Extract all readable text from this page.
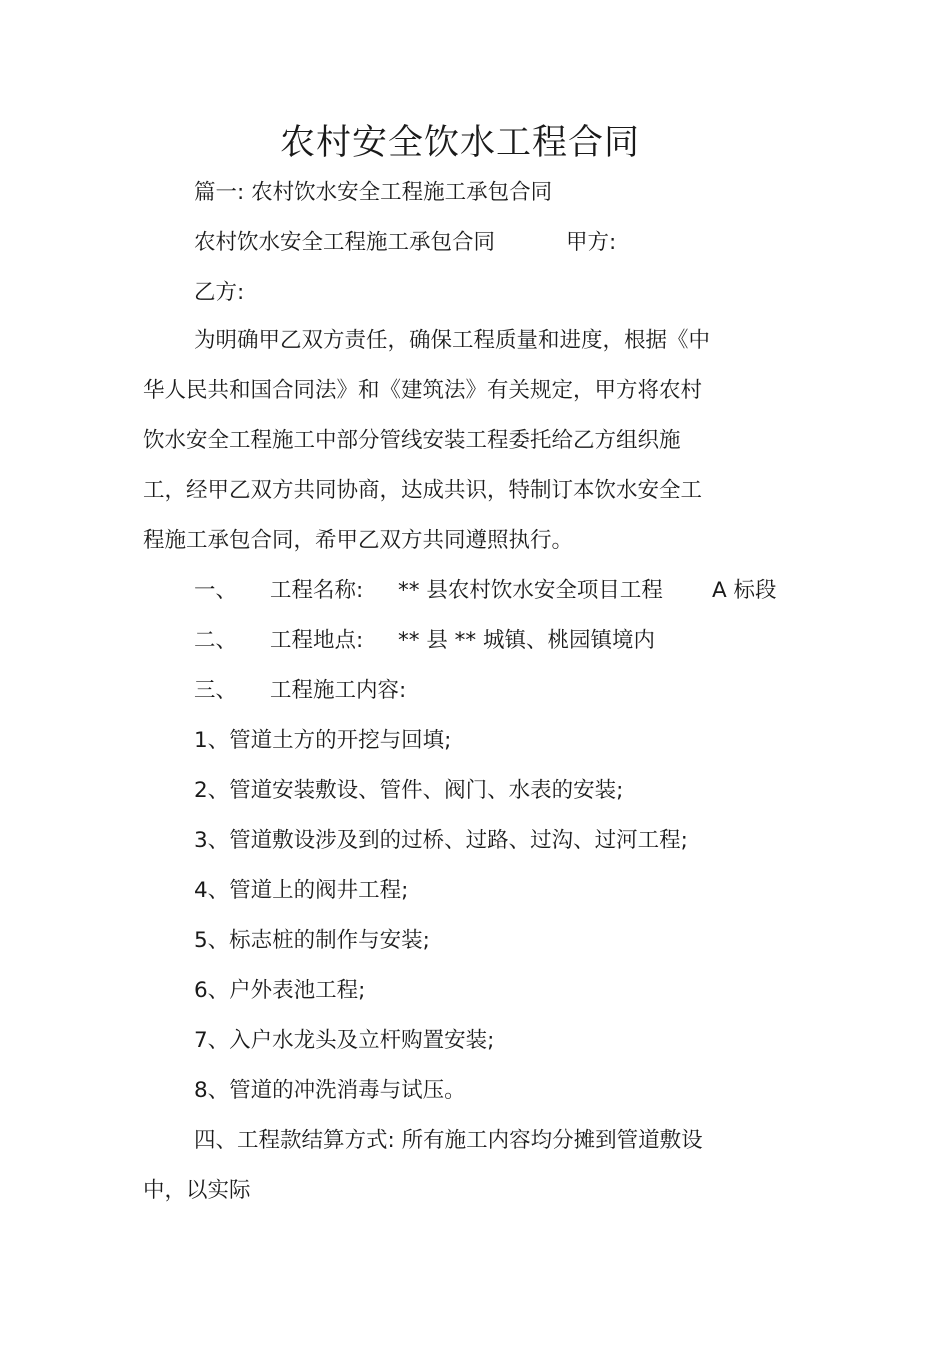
农村安全饮水工程合同
篇一: 农村饮水安全工程施工承包合同
农村饮水安全工程施工承包合同	甲方:
乙方:
为明确甲乙双方责任，确保工程质量和进度，根据《中
华人民共和国合同法》和《建筑法》有关规定，甲方将农村
饮水安全工程施工中部分管线安装工程委托给乙方组织施
工，经甲乙双方共同协商，达成共识，特制订本饮水安全工
程施工承包合同，希甲乙双方共同遵照执行。
一、 工程名称: ** 县农村饮水安全项目工程 A 标段
二、 工程地点: ** 县 ** 城镇、桃园镇境内
三、 工程施工内容:
1、管道土方的开挖与回填;
2、管道安装敷设、管件、阀门、水表的安装;
3、管道敷设涉及到的过桥、过路、过沟、过河工程;
4、管道上的阀井工程;
5、标志桩的制作与安装;
6、户外表池工程;
7、入户水龙头及立杆购置安装;
8、管道的冲洗消毒与试压。
四、工程款结算方式: 所有施工内容均分摊到管道敷设
中，以实际
